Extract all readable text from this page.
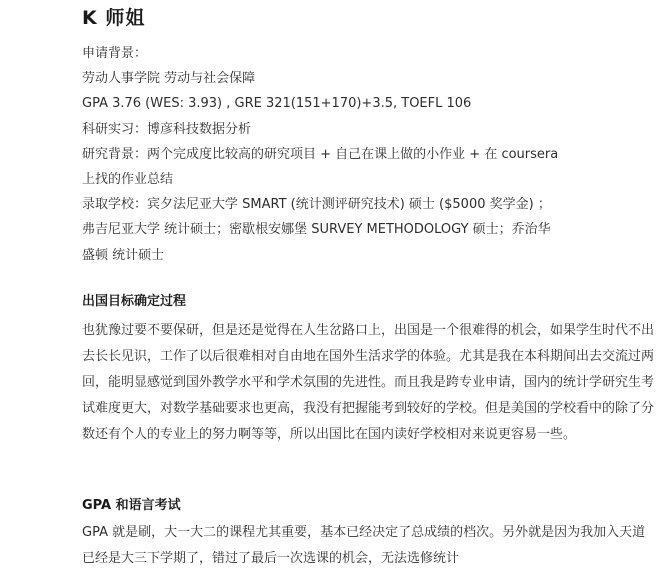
K 师姐

申请背景：

劳动人事学院 劳动与社会保障

GPA 3.76 (WES: 3.93) , GRE 321(151+170)+3.5, TOEFL 106

科研实习：博彦科技数据分析

研究背景：两个完成度比较高的研究项目 + 自己在课上做的小作业 + 在 coursera

上找的作业总结

录取学校：宾夕法尼亚大学 SMART (统计测评研究技术) 硕士 ($5000 奖学金) ；

弗吉尼亚大学 统计硕士；密歇根安娜堡 SURVEY METHODOLOGY 硕士；乔治华

盛顿 统计硕士

出国目标确定过程

也犹豫过要不要保研，但是还是觉得在人生岔路口上，出国是一个很难得的机会，如果学生时代不出去长长见识，工作了以后很难相对自由地在国外生活求学的体验。尤其是我在本科期间出去交流过两回，能明显感觉到国外教学水平和学术氛围的先进性。而且我是跨专业申请，国内的统计学研究生考试难度更大，对数学基础要求也更高，我没有把握能考到较好的学校。但是美国的学校看中的除了分数还有个人的专业上的努力啊等等，所以出国比在国内读好学校相对来说更容易一些。

GPA 和语言考试

GPA 就是刷，大一大二的课程尤其重要，基本已经决定了总成绩的档次。另外就是因为我加入天道已经是大三下学期了，错过了最后一次选课的机会，无法选修统计
